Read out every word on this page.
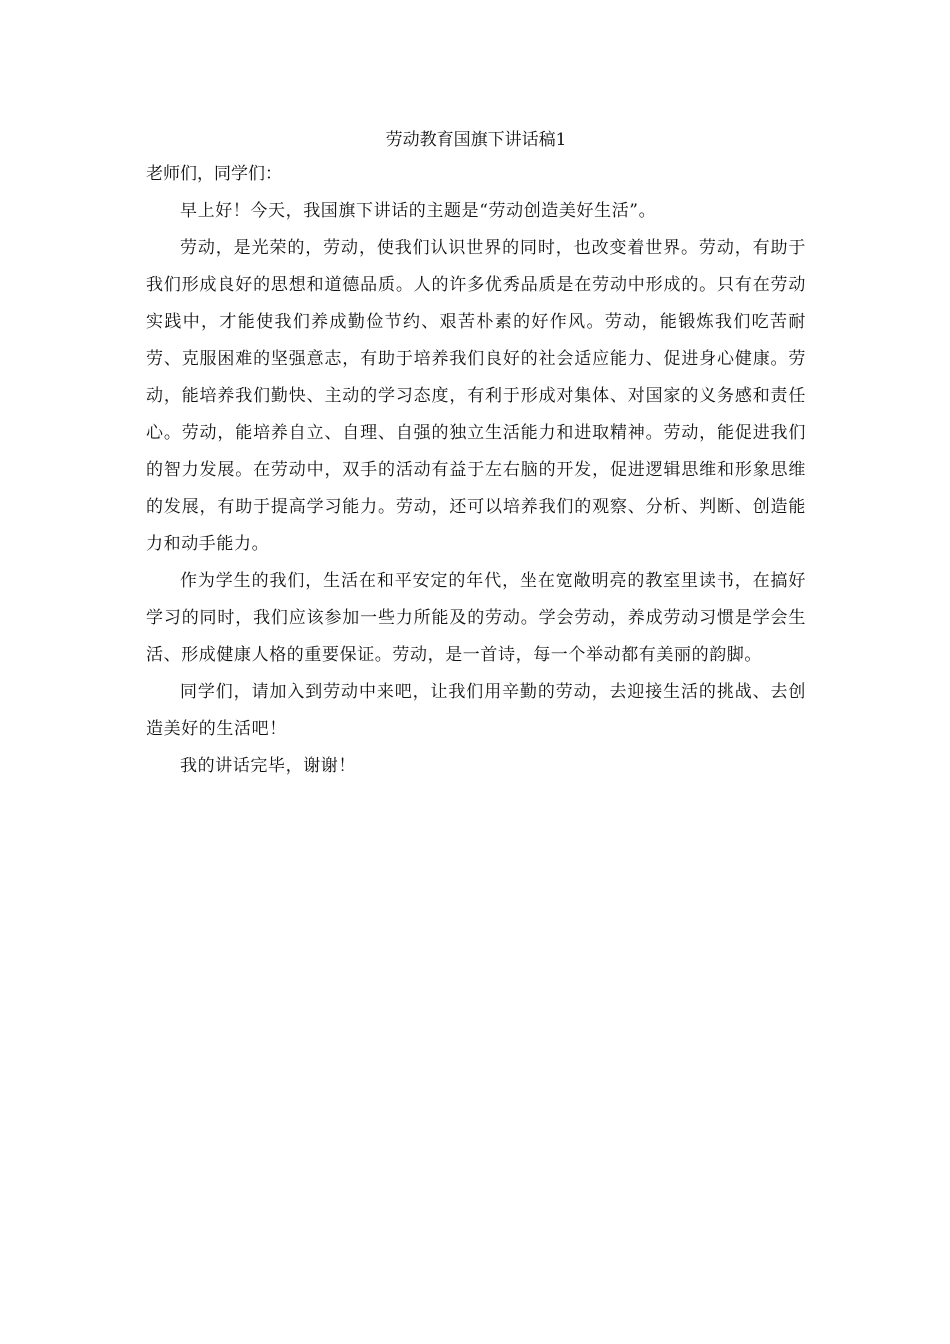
劳动教育国旗下讲话稿1

老师们，同学们：

早上好！今天，我国旗下讲话的主题是“劳动创造美好生活”。

劳动，是光荣的，劳动，使我们认识世界的同时，也改变着世界。劳动，有助于我们形成良好的思想和道德品质。人的许多优秀品质是在劳动中形成的。只有在劳动实践中，才能使我们养成勤俭节约、艰苦朴素的好作风。劳动，能锻炼我们吃苦耐劳、克服困难的坚强意志，有助于培养我们良好的社会适应能力、促进身心健康。劳动，能培养我们勤快、主动的学习态度，有利于形成对集体、对国家的义务感和责任心。劳动，能培养自立、自理、自强的独立生活能力和进取精神。劳动，能促进我们的智力发展。在劳动中，双手的活动有益于左右脑的开发，促进逻辑思维和形象思维的发展，有助于提高学习能力。劳动，还可以培养我们的观察、分析、判断、创造能力和动手能力。

作为学生的我们，生活在和平安定的年代，坐在宽敞明亮的教室里读书，在搞好学习的同时，我们应该参加一些力所能及的劳动。学会劳动，养成劳动习惯是学会生活、形成健康人格的重要保证。劳动，是一首诗，每一个举动都有美丽的韵脚。

同学们，请加入到劳动中来吧，让我们用辛勤的劳动，去迎接生活的挑战、去创造美好的生活吧！

我的讲话完毕，谢谢！
